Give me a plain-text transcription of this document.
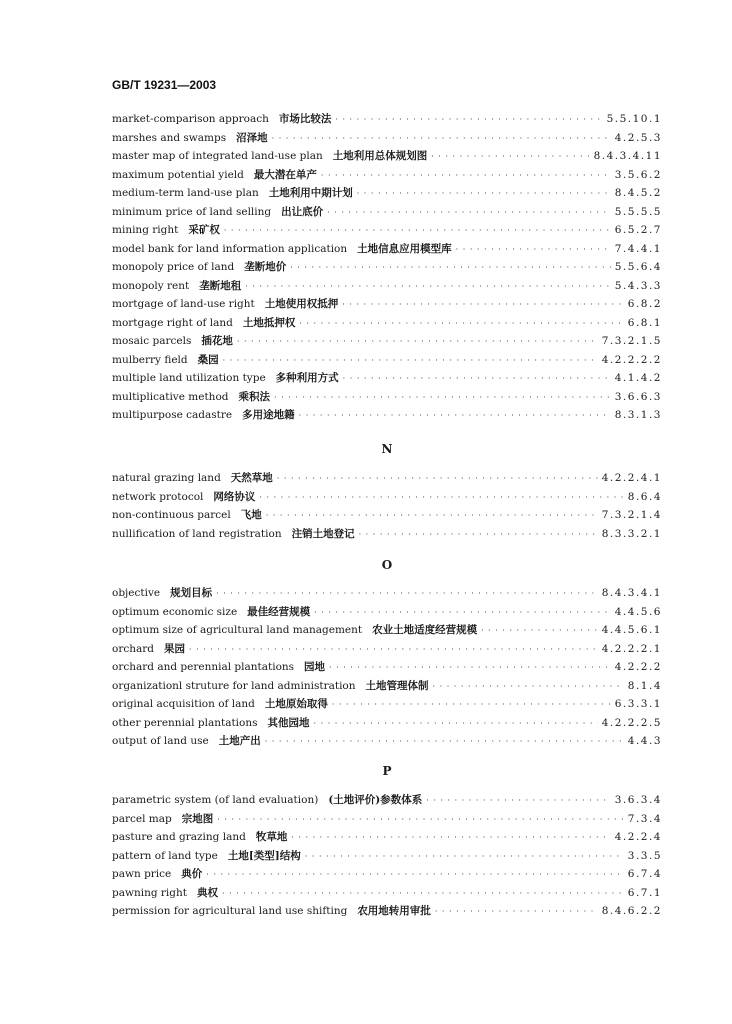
GB/T 19231—2003
market-comparison approach 市场比较法 · · ·	5.5.10.1
marshes and swamps 沼泽地 · · ·	4.2.5.3
master map of integrated land-use plan 土地利用总体规划图 · · ·	8.4.3.4.11
maximum potential yield 最大潜在单产 · · ·	3.5.6.2
medium-term land-use plan 土地利用中期计划 · · ·	8.4.5.2
minimum price of land selling 出让底价 · · ·	5.5.5.5
mining right 采矿权 · · ·	6.5.2.7
model bank for land information application 土地信息应用模型库 · · ·	7.4.4.1
monopoly price of land 垄断地价 · · ·	5.5.6.4
monopoly rent 垄断地租 · · ·	5.4.3.3
mortgage of land-use right 土地使用权抵押 · · ·	6.8.2
mortgage right of land 土地抵押权 · · ·	6.8.1
mosaic parcels 插花地 · · ·	7.3.2.1.5
mulberry field 桑园 · · ·	4.2.2.2.2
multiple land utilization type 多种利用方式 · · ·	4.1.4.2
multiplicative method 乘积法 · · ·	3.6.6.3
multipurpose cadastre 多用途地籍 · · ·	8.3.1.3
N
natural grazing land 天然草地 · · ·	4.2.2.4.1
network protocol 网络协议 · · ·	8.6.4
non-continuous parcel 飞地 · · ·	7.3.2.1.4
nullification of land registration 注销土地登记 · · ·	8.3.3.2.1
O
objective 规划目标 · · ·	8.4.3.4.1
optimum economic size 最佳经营规模 · · ·	4.4.5.6
optimum size of agricultural land management 农业土地适度经营规模 · · ·	4.4.5.6.1
orchard 果园 · · ·	4.2.2.2.1
orchard and perennial plantations 园地 · · ·	4.2.2.2
organizationl struture for land administration 土地管理体制 · · ·	8.1.4
original acquisition of land 土地原始取得 · · ·	6.3.3.1
other perennial plantations 其他园地 · · ·	4.2.2.2.5
output of land use 土地产出 · · ·	4.4.3
P
parametric system (of land evaluation) (土地评价)参数体系 · · ·	3.6.3.4
parcel map 宗地图 · · ·	7.3.4
pasture and grazing land 牧草地 · · ·	4.2.2.4
pattern of land type 土地[类型]结构 · · ·	3.3.5
pawn price 典价 · · ·	6.7.4
pawning right 典权 · · ·	6.7.1
permission for agricultural land use shifting 农用地转用审批 · · ·	8.4.6.2.2
